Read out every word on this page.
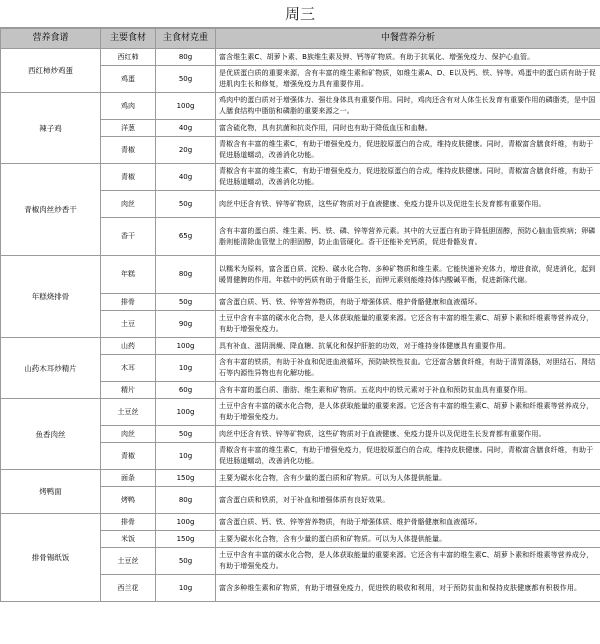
周三
营养食谱	主要食材	主食材克重	中餐营养分析
西红柿炒鸡蛋	西红柿	80g	富含维生素C、胡萝卜素、B族维生素及钾、钙等矿物质。有助于抗氧化、增强免疫力、保护心血管。
	鸡蛋	50g	是优质蛋白质的重要来源，含有丰富的维生素和矿物质，如维生素A、D、E以及钙、铁、锌等。鸡蛋中的蛋白质有助于促进肌肉生长和修复，增强免疫力具有重要作用。
辣子鸡	鸡肉	100g	鸡肉中的蛋白质对于增强体力、强壮身体具有重要作用。同时，鸡肉还含有对人体生长发育有重要作用的磷脂类，是中国人膳食结构中脂肪和磷脂的重要来源之一。
	洋葱	40g	富含硫化物，具有抗菌和抗炎作用，同时也有助于降低血压和血糖。
	青椒	20g	青椒含有丰富的维生素C，有助于增强免疫力，促进胶原蛋白的合成，维持皮肤健康。同时，青椒富含膳食纤维，有助于促进肠道蠕动，改善消化功能。
青椒肉丝炒香干	青椒	40g	青椒含有丰富的维生素C，有助于增强免疫力，促进胶原蛋白的合成，维持皮肤健康。同时，青椒富含膳食纤维，有助于促进肠道蠕动，改善消化功能。
	肉丝	50g	肉丝中还含有铁、锌等矿物质，这些矿物质对于血液健康、免疫力提升以及促进生长发育都有重要作用。
	香干	65g	含有丰富的蛋白质、维生素、钙、铁、磷、锌等营养元素。其中的大豆蛋白有助于降低胆固醇，预防心脑血管疾病；卵磷脂则能清除血管壁上的胆固醇，防止血管硬化。香干还能补充钙质，促进骨骼发育。
年糕烧排骨	年糕	80g	以糯米为原料，富含蛋白质、淀粉、碳水化合物、多种矿物质和维生素。它能快速补充体力，增进食欲，促进消化，起到暖胃健脾的作用。年糕中的钙质有助于骨骼生长，而钾元素则能维持体内酸碱平衡，促进新陈代谢。
	排骨	50g	富含蛋白质、钙、铁、锌等营养物质，有助于增强体质、维护骨骼健康和血液循环。
	土豆	90g	土豆中含有丰富的碳水化合物，是人体获取能量的重要来源。它还含有丰富的维生素C、胡萝卜素和纤维素等营养成分，有助于增强免疫力。
山药木耳炒精片	山药	100g	具有补血、滋阴润燥、降血糖、抗氧化和保护肝脏的功效，对于维持身体健康具有重要作用。
	木耳	10g	含有丰富的铁质，有助于补血和促进血液循环，预防缺铁性贫血。它还富含膳食纤维，有助于清胃涤肠，对胆结石、肾结石等内源性异物也有化解功能。
	精片	60g	含有丰富的蛋白质、脂肪、维生素和矿物质。五花肉中的铁元素对于补血和预防贫血具有重要作用。
鱼香肉丝	土豆丝	100g	土豆中含有丰富的碳水化合物，是人体获取能量的重要来源。它还含有丰富的维生素C、胡萝卜素和纤维素等营养成分，有助于增强免疫力。
	肉丝	50g	肉丝中还含有铁、锌等矿物质，这些矿物质对于血液健康、免疫力提升以及促进生长发育都有重要作用。
	青椒	10g	青椒含有丰富的维生素C，有助于增强免疫力，促进胶原蛋白的合成，维持皮肤健康。同时，青椒富含膳食纤维，有助于促进肠道蠕动，改善消化功能。
烤鸭面	面条	150g	主要为碳水化合物，含有少量的蛋白质和矿物质。可以为人体提供能量。
	烤鸭	80g	富含蛋白质和铁质，对于补血和增强体质有良好效果。
排骨锡纸饭	排骨	100g	富含蛋白质、钙、铁、锌等营养物质，有助于增强体质、维护骨骼健康和血液循环。
	米饭	150g	主要为碳水化合物，含有少量的蛋白质和矿物质。可以为人体提供能量。
	土豆丝	50g	土豆中含有丰富的碳水化合物，是人体获取能量的重要来源。它还含有丰富的维生素C、胡萝卜素和纤维素等营养成分，有助于增强免疫力。
	西兰花	10g	富含多种维生素和矿物质，有助于增强免疫力，促进铁的吸收和利用，对于预防贫血和保持皮肤健康都有积极作用。
